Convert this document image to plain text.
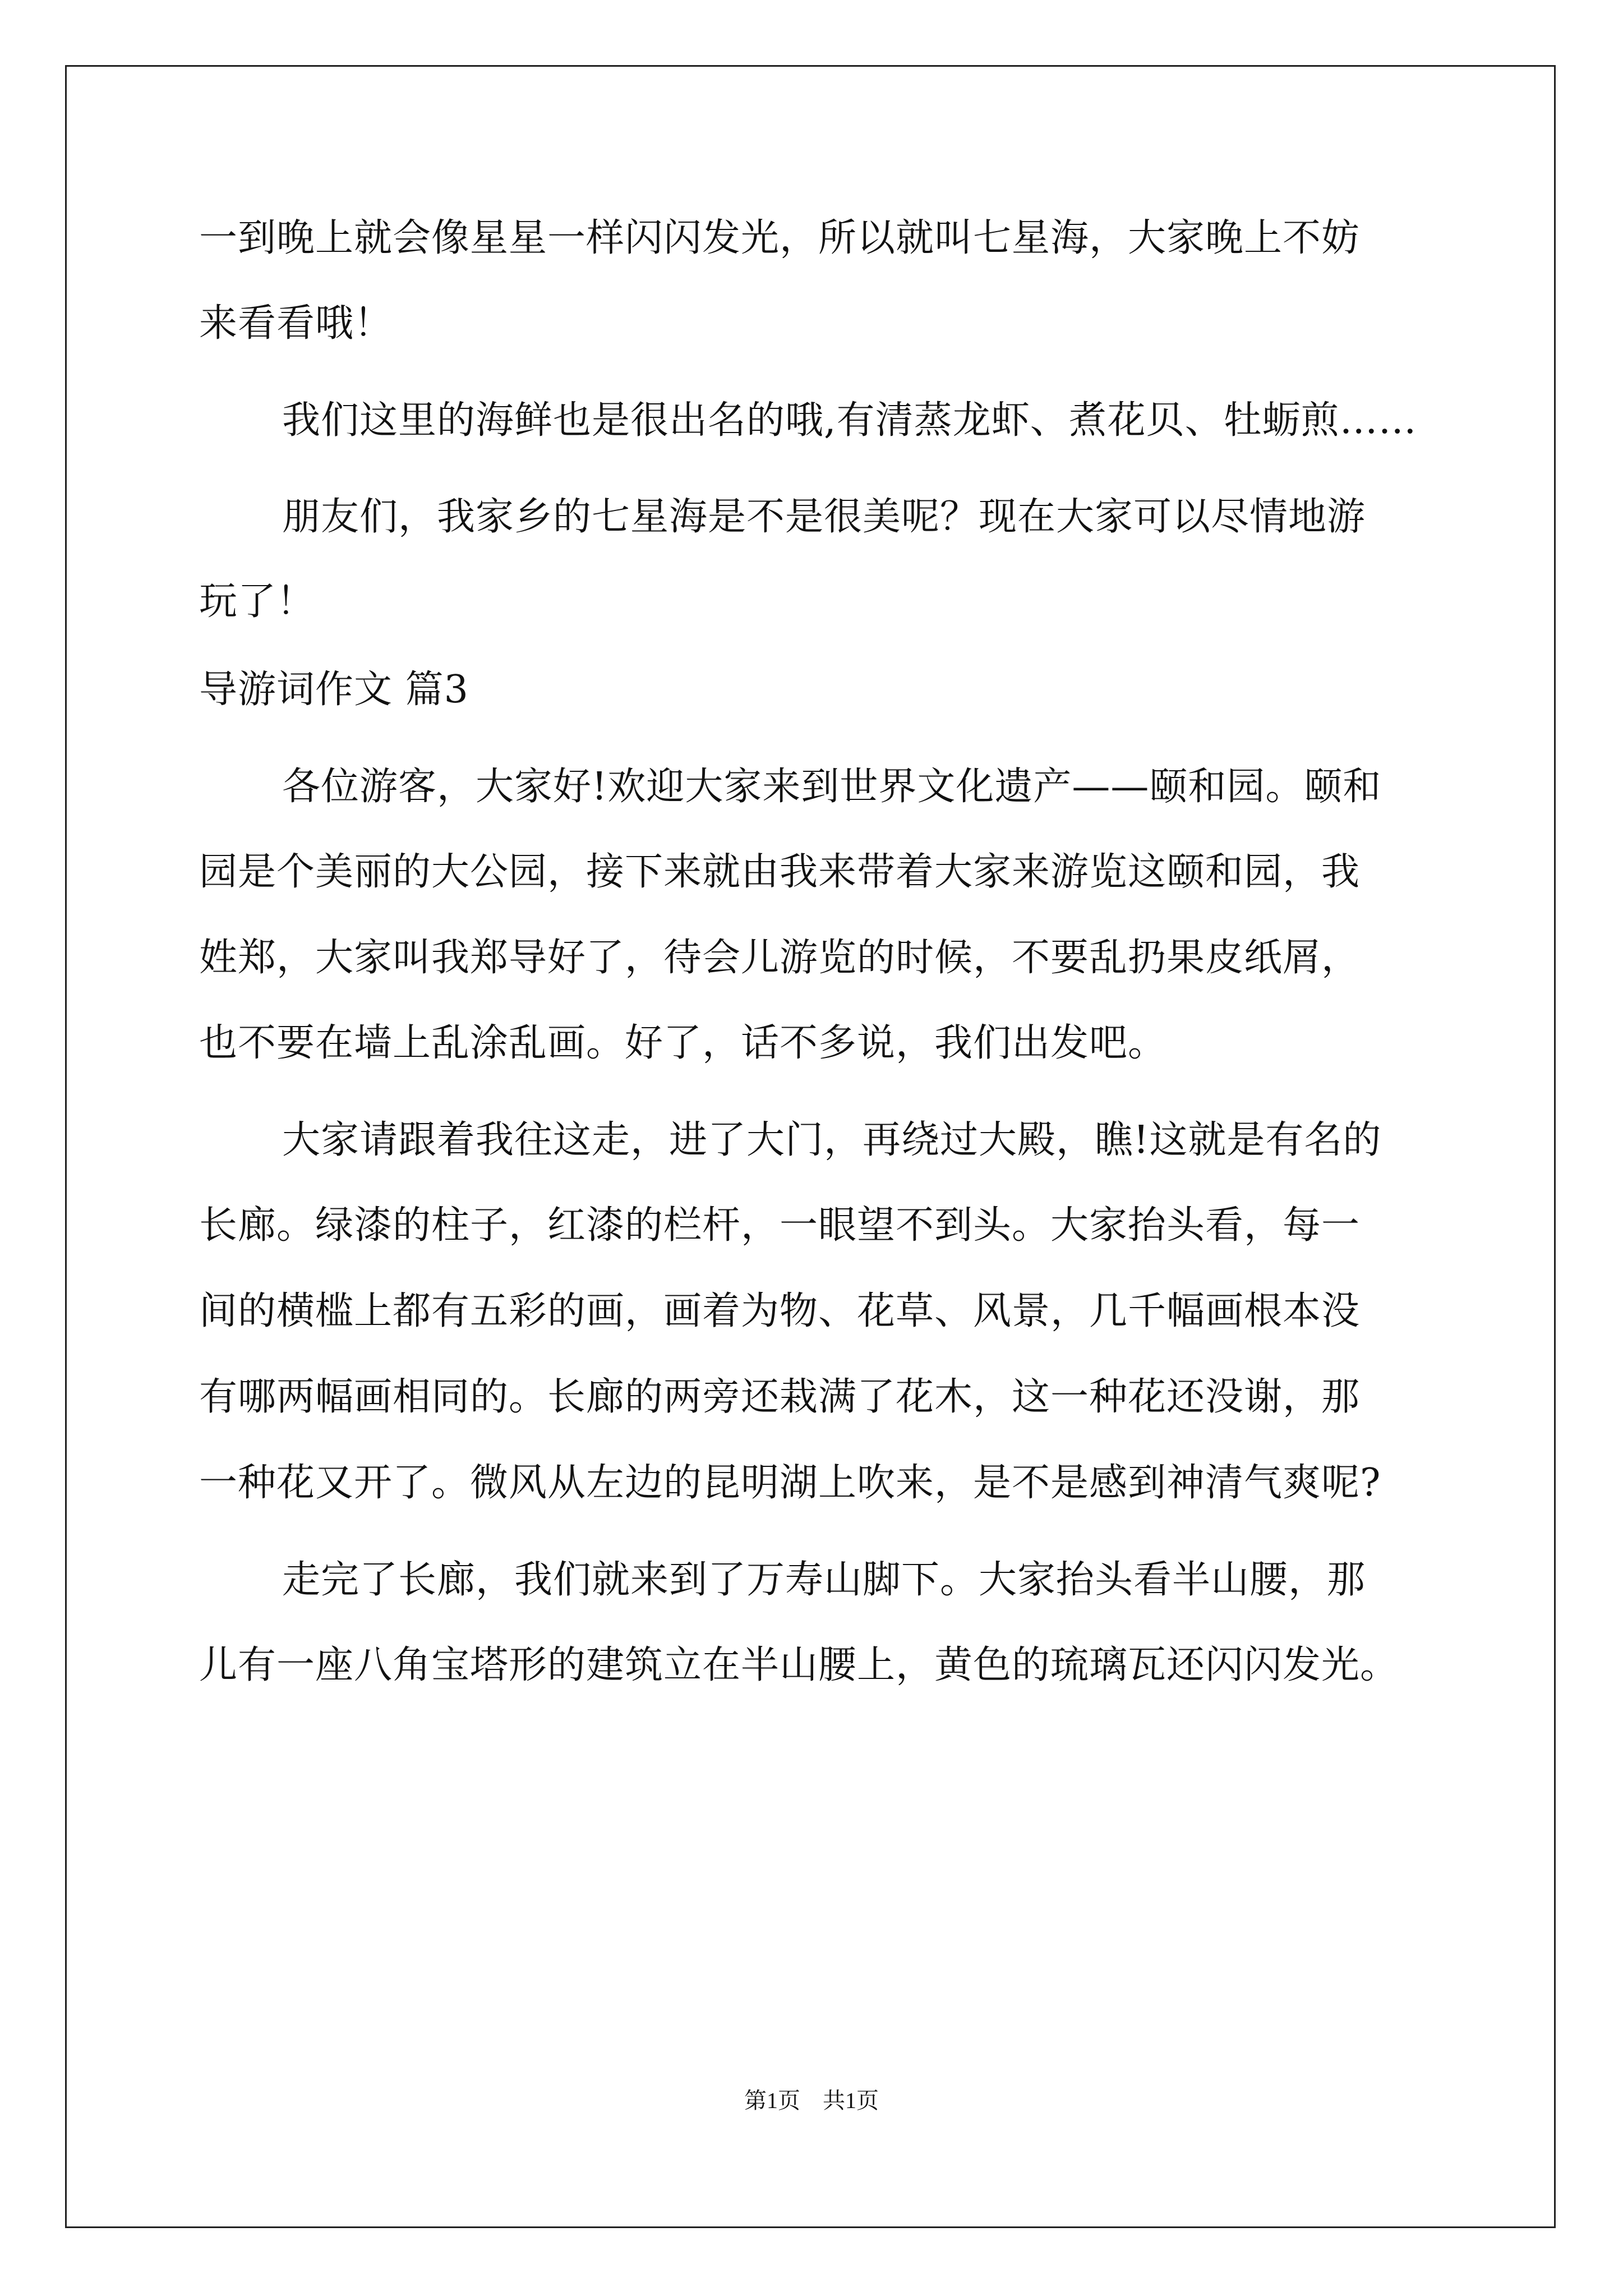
一到晚上就会像星星一样闪闪发光，所以就叫七星海，大家晚上不妨
来看看哦！
我们这里的海鲜也是很出名的哦,有清蒸龙虾、煮花贝、牡蛎煎……
朋友们，我家乡的七星海是不是很美呢？现在大家可以尽情地游
玩了！
导游词作文 篇3
各位游客，大家好!欢迎大家来到世界文化遗产——颐和园。颐和
园是个美丽的大公园，接下来就由我来带着大家来游览这颐和园，我
姓郑，大家叫我郑导好了，待会儿游览的时候，不要乱扔果皮纸屑，
也不要在墙上乱涂乱画。好了，话不多说，我们出发吧。
大家请跟着我往这走，进了大门，再绕过大殿，瞧!这就是有名的
长廊。绿漆的柱子，红漆的栏杆，一眼望不到头。大家抬头看，每一
间的横槛上都有五彩的画，画着为物、花草、风景，几千幅画根本没
有哪两幅画相同的。长廊的两旁还栽满了花木，这一种花还没谢，那
一种花又开了。微风从左边的昆明湖上吹来，是不是感到神清气爽呢?
走完了长廊，我们就来到了万寿山脚下。大家抬头看半山腰，那
儿有一座八角宝塔形的建筑立在半山腰上，黄色的琉璃瓦还闪闪发光。
第1页 共1页
